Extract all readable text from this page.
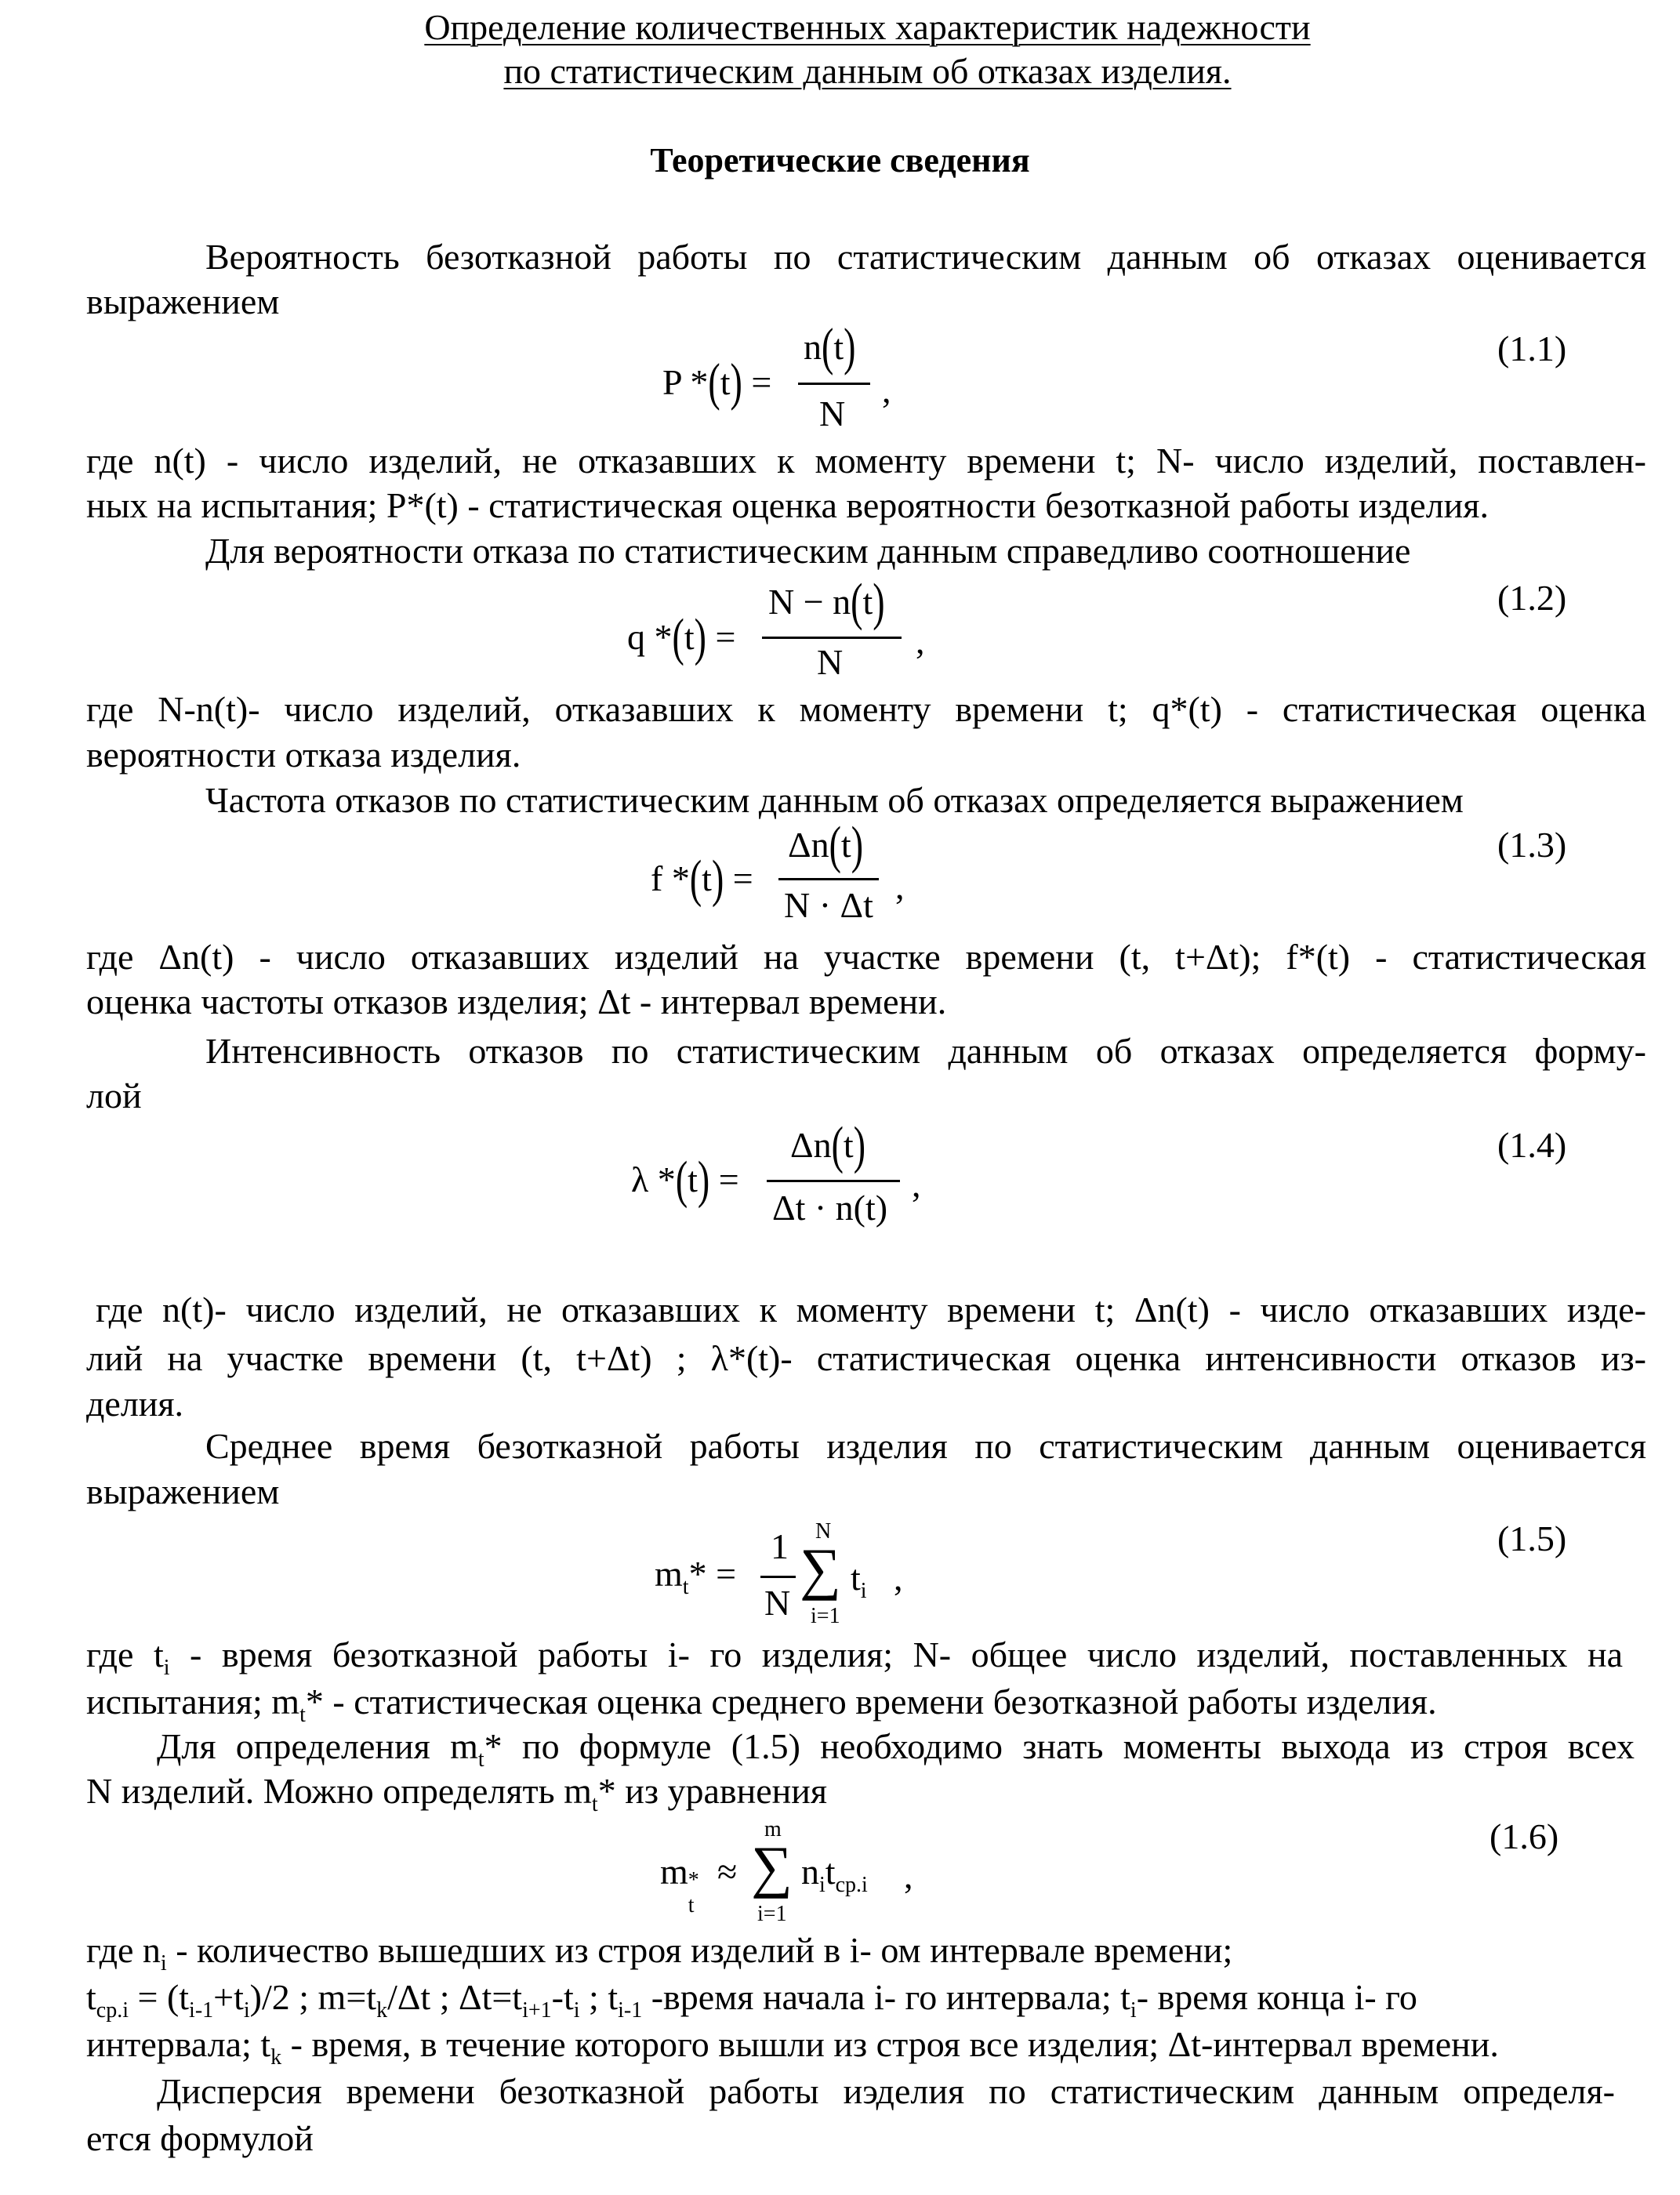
Определение количественных характеристик надежности
по статистическим данным об отказах изделия.
Теоретические сведения
Вероятность безотказной работы по статистическим данным об отказах оценивается
выражением
P *(t) =
n(t)
N
,
(1.1)
где n(t) - число изделий, не отказавших к моменту времени t; N- число изделий, поставлен-
ных на испытания; P*(t) - статистическая оценка вероятности безотказной работы изделия.
Для вероятности отказа по статистическим данным справедливо соотношение
q *(t) =
N − n(t)
N
,
(1.2)
где N-n(t)- число изделий, отказавших к моменту времени t; q*(t) - статистическая оценка
вероятности отказа изделия.
Частота отказов по статистическим данным об отказах определяется выражением
f *(t) =
Δn(t)
N · Δt ,
(1.3)
где Δn(t) - число отказавших изделий на участке времени (t, t+Δt); f*(t) - статистическая
оценка частоты отказов изделия; Δt - интервал времени.
Интенсивность отказов по статистическим данным об отказах определяется форму-
лой
λ *(t) =
Δn(t)
Δt · n(t)
,
(1.4)
где n(t)- число изделий, не отказавших к моменту времени t; Δn(t) - число отказавших изде-
лий на участке времени (t, t+Δt) ; λ*(t)- статистическая оценка интенсивности отказов из-
делия.
Среднее время безотказной работы изделия по статистическим данным оценивается
выражением
$m_t*$ =
1
N
N
∑
i=1
$t_i$ ,
(1.5)
где $t_i$ - время безотказной работы i- го изделия; N- общее число изделий, поставленных на
испытания; $m_t*$ - статистическая оценка среднего времени безотказной работы изделия.
Для определения $m_t*$ по формуле (1.5) необходимо знать моменты выхода из строя всех
N изделий. Можно определять $m_t*$ из уравнения
m *
t
≈
m
∑
i=1
$n_it_{cp.i}$ ,
(1.6)
где $n_i$ - количество вышедших из строя изделий в i- ом интервале времени;
$t_{cp.i} = (t_{i-1}+t_i)/2$ ; $m=t_k/\Delta t$ ; $\Delta t=t_{i+1}-t_i$ ; $t_{i-1}$ -время начала i- го интервала; $t_i-$ время конца i- го
интервала; $t_k$ - время, в течение которого вышли из строя все изделия; Δt-интервал времени.
Дисперсия времени безотказной работы иэделия по статистическим данным определя-
ется формулой
